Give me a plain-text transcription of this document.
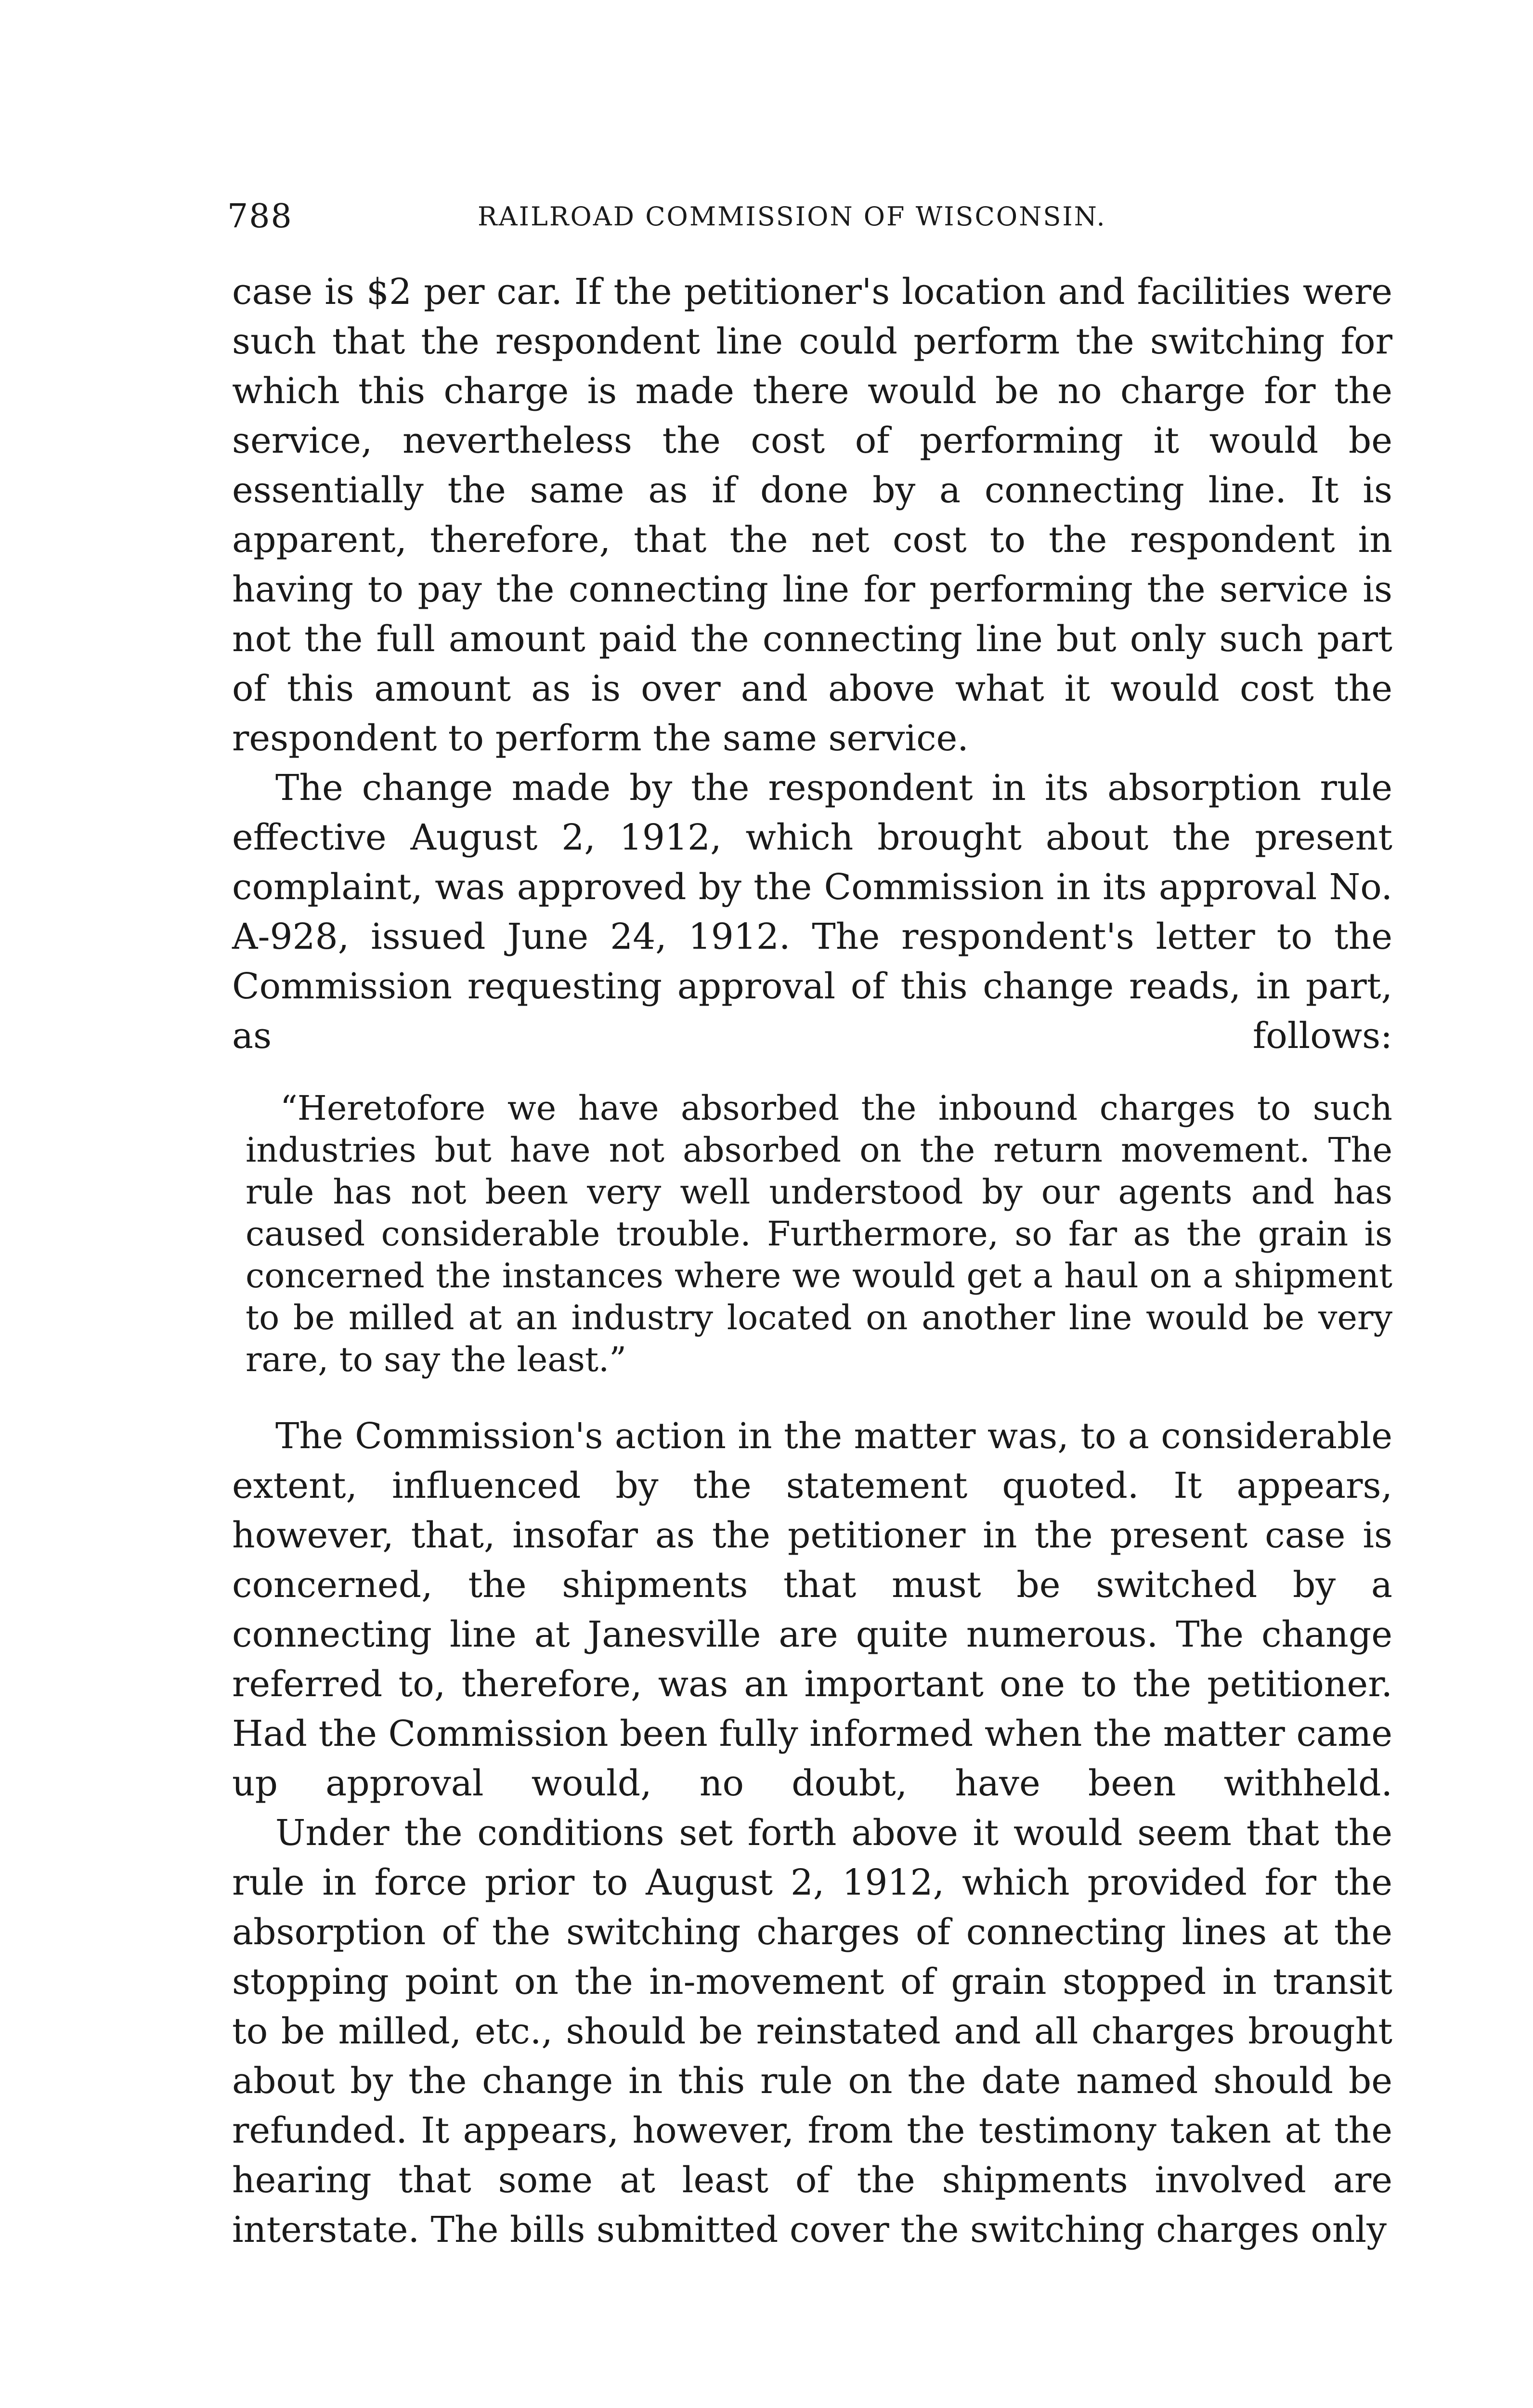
788	RAILROAD COMMISSION OF WISCONSIN.

case is $2 per car. If the petitioner's location and facilities were such that the respondent line could perform the switching for which this charge is made there would be no charge for the service, nevertheless the cost of performing it would be essentially the same as if done by a connecting line. It is apparent, therefore, that the net cost to the respondent in having to pay the connecting line for performing the service is not the full amount paid the connecting line but only such part of this amount as is over and above what it would cost the respondent to perform the same service.

The change made by the respondent in its absorption rule effective August 2, 1912, which brought about the present complaint, was approved by the Commission in its approval No. A-928, issued June 24, 1912. The respondent's letter to the Commission requesting approval of this change reads, in part, as follows:

“Heretofore we have absorbed the inbound charges to such industries but have not absorbed on the return movement. The rule has not been very well understood by our agents and has caused considerable trouble. Furthermore, so far as the grain is concerned the instances where we would get a haul on a shipment to be milled at an industry located on another line would be very rare, to say the least.”

The Commission's action in the matter was, to a considerable extent, influenced by the statement quoted. It appears, however, that, insofar as the petitioner in the present case is concerned, the shipments that must be switched by a connecting line at Janesville are quite numerous. The change referred to, therefore, was an important one to the petitioner. Had the Commission been fully informed when the matter came up approval would, no doubt, have been withheld.

Under the conditions set forth above it would seem that the rule in force prior to August 2, 1912, which provided for the absorption of the switching charges of connecting lines at the stopping point on the in-movement of grain stopped in transit to be milled, etc., should be reinstated and all charges brought about by the change in this rule on the date named should be refunded. It appears, however, from the testimony taken at the hearing that some at least of the shipments involved are interstate. The bills submitted cover the switching charges only
